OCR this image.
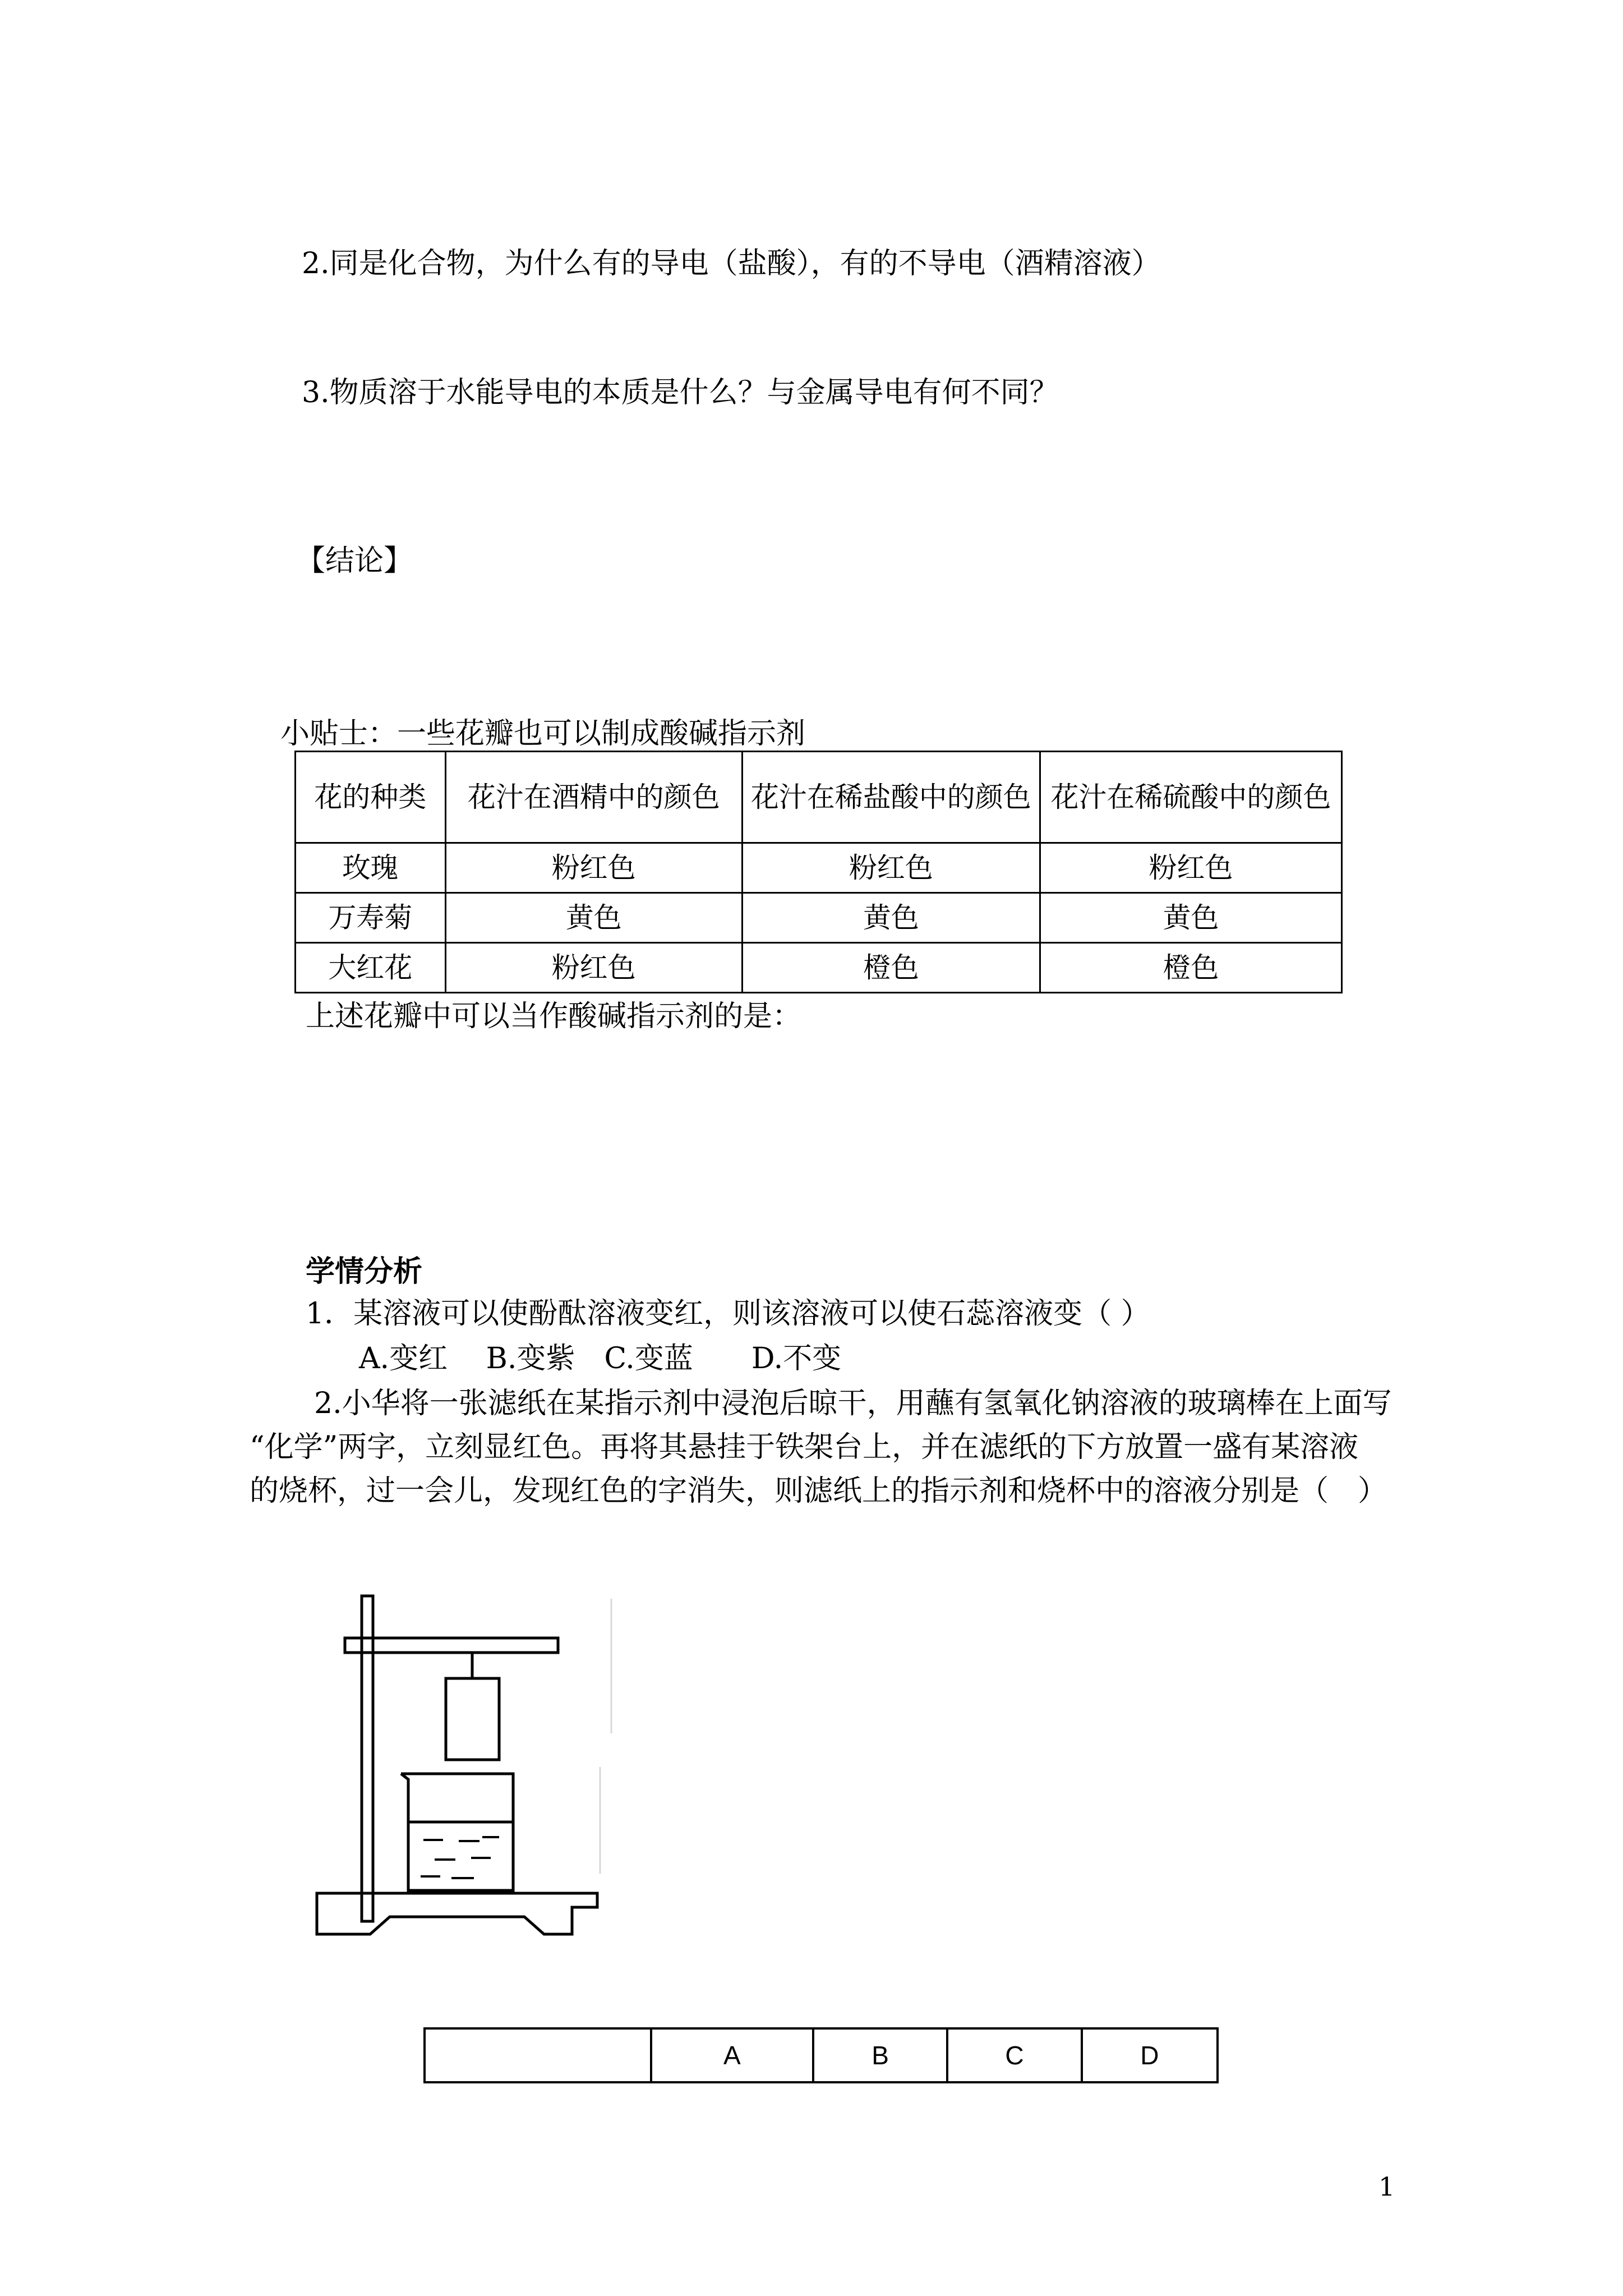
2.同是化合物，为什么有的导电（盐酸），有的不导电（酒精溶液）
3.物质溶于水能导电的本质是什么？与金属导电有何不同？
【结论】
小贴士：一些花瓣也可以制成酸碱指示剂
花的种类	花汁在酒精中的颜色	花汁在稀盐酸中的颜色	花汁在稀硫酸中的颜色
玫瑰	粉红色	粉红色	粉红色
万寿菊	黄色	黄色	黄色
大红花	粉红色	橙色	橙色
上述花瓣中可以当作酸碱指示剂的是：
学情分析
1．某溶液可以使酚酞溶液变红，则该溶液可以使石蕊溶液变（ ）
A.变红　 B.变紫　C.变蓝　　D.不变
2.小华将一张滤纸在某指示剂中浸泡后晾干，用蘸有氢氧化钠溶液的玻璃棒在上面写
“化学”两字，立刻显红色。再将其悬挂于铁架台上，并在滤纸的下方放置一盛有某溶液
的烧杯，过一会儿，发现红色的字消失，则滤纸上的指示剂和烧杯中的溶液分别是（　）
	A	B	C	D
1
